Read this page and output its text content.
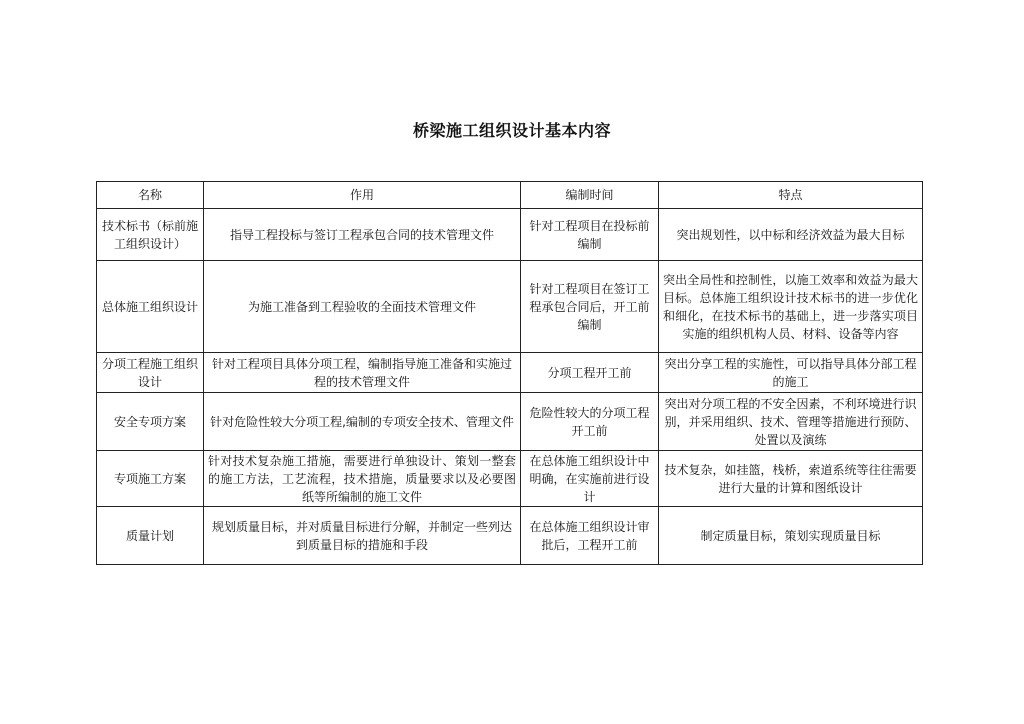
桥梁施工组织设计基本内容
名称	作用	编制时间	特点
技术标书（标前施工组织设计）	指导工程投标与签订工程承包合同的技术管理文件	针对工程项目在投标前编制	突出规划性，以中标和经济效益为最大目标
总体施工组织设计	为施工准备到工程验收的全面技术管理文件	针对工程项目在签订工程承包合同后，开工前编制	突出全局性和控制性，以施工效率和效益为最大目标。总体施工组织设计技术标书的进一步优化和细化，在技术标书的基础上，进一步落实项目实施的组织机构人员、材料、设备等内容
分项工程施工组织设计	针对工程项目具体分项工程，编制指导施工准备和实施过程的技术管理文件	分项工程开工前	突出分享工程的实施性，可以指导具体分部工程的施工
安全专项方案	针对危险性较大分项工程,编制的专项安全技术、管理文件	危险性较大的分项工程开工前	突出对分项工程的不安全因素，不利环境进行识别，并采用组织、技术、管理等措施进行预防、处置以及演练
专项施工方案	针对技术复杂施工措施，需要进行单独设计、策划一整套的施工方法，工艺流程，技术措施，质量要求以及必要图纸等所编制的施工文件	在总体施工组织设计中明确，在实施前进行设计	技术复杂，如挂篮，栈桥，索道系统等往往需要进行大量的计算和图纸设计
质量计划	规划质量目标，并对质量目标进行分解，并制定一些列达到质量目标的措施和手段	在总体施工组织设计审批后，工程开工前	制定质量目标，策划实现质量目标
